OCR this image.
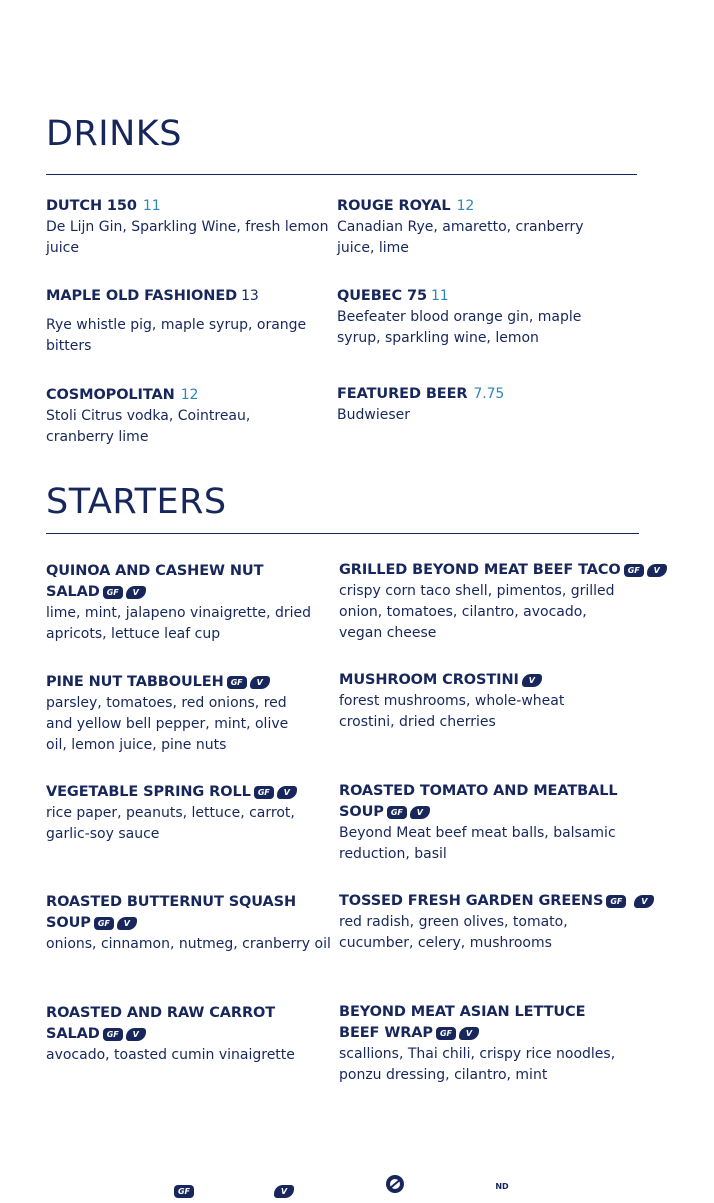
DRINKS
DUTCH 150 11
De Lijn Gin, Sparkling Wine, fresh lemon juice
ROUGE ROYAL 12
Canadian Rye, amaretto, cranberry juice, lime
MAPLE OLD FASHIONED 13
Rye whistle pig, maple syrup, orange bitters
QUEBEC 75 11
Beefeater blood orange gin, maple syrup, sparkling wine, lemon
COSMOPOLITAN 12
Stoli Citrus vodka, Cointreau, cranberry lime
FEATURED BEER 7.75
Budwieser
STARTERS
QUINOA AND CASHEW NUT SALAD GF V
lime, mint, jalapeno vinaigrette, dried apricots, lettuce leaf cup
GRILLED BEYOND MEAT BEEF TACO GF V
crispy corn taco shell, pimentos, grilled onion, tomatoes, cilantro, avocado, vegan cheese
PINE NUT TABBOULEH GF V
parsley, tomatoes, red onions, red and yellow bell pepper, mint, olive oil, lemon juice, pine nuts
MUSHROOM CROSTINI V
forest mushrooms, whole-wheat crostini, dried cherries
VEGETABLE SPRING ROLL GF V
rice paper, peanuts, lettuce, carrot, garlic-soy sauce
ROASTED TOMATO AND MEATBALL SOUP GF V
Beyond Meat beef meat balls, balsamic reduction, basil
ROASTED BUTTERNUT SQUASH SOUP GF V
onions, cinnamon, nutmeg, cranberry oil
TOSSED FRESH GARDEN GREENS GF V
red radish, green olives, tomato, cucumber, celery, mushrooms
ROASTED AND RAW CARROT SALAD GF V
avocado, toasted cumin vinaigrette
BEYOND MEAT ASIAN LETTUCE BEEF WRAP GF V
scallions, Thai chili, crispy rice noodles, ponzu dressing, cilantro, mint
GF	V
ND
